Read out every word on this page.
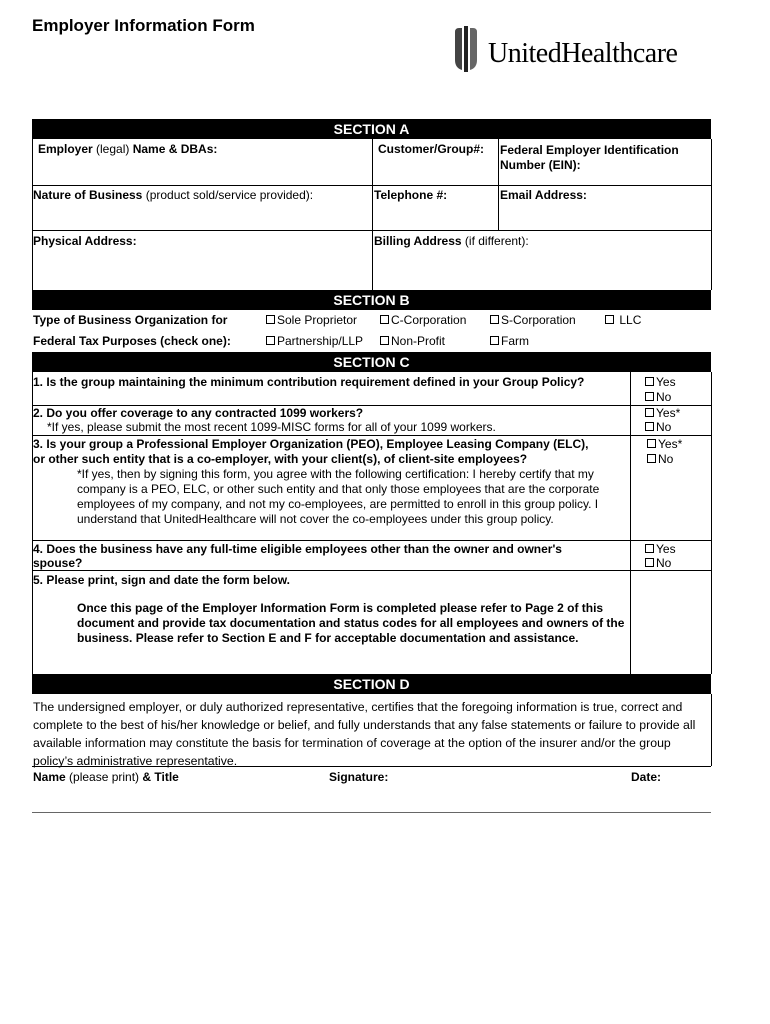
Employer Information Form
UnitedHealthcare
SECTION A
Employer (legal) Name & DBAs:	Customer/Group#: Federal Employer Identification
Number (EIN):
Nature of Business (product sold/service provided):	Telephone #:	Email Address:
Physical Address:	Billing Address (if different):
SECTION B
Type of Business Organization for
Federal Tax Purposes (check one):
Sole Proprietor	C-Corporation	S-Corporation	LLC
Partnership/LLP	Non-Profit	Farm
SECTION C
1. Is the group maintaining the minimum contribution requirement defined in your Group Policy?	Yes
No
2. Do you offer coverage to any contracted 1099 workers?
*If yes, please submit the most recent 1099-MISC forms for all of your 1099 workers.
Yes*
No
3. Is your group a Professional Employer Organization (PEO), Employee Leasing Company (ELC),
or other such entity that is a co-employer, with your client(s), of client-site employees?
*If yes, then by signing this form, you agree with the following certification: I hereby certify that my company is a PEO, ELC, or other such entity and that only those employees that are the corporate employees of my company, and not my co-employees, are permitted to enroll in this group policy. I understand that UnitedHealthcare will not cover the co-employees under this group policy.
Yes*
No
4. Does the business have any full-time eligible employees other than the owner and owner's
spouse?
Yes
No
5. Please print, sign and date the form below.
Once this page of the Employer Information Form is completed please refer to Page 2 of this document and provide tax documentation and status codes for all employees and owners of the business. Please refer to Section E and F for acceptable documentation and assistance.
SECTION D
The undersigned employer, or duly authorized representative, certifies that the foregoing information is true, correct and complete to the best of his/her knowledge or belief, and fully understands that any false statements or failure to provide all available information may constitute the basis for termination of coverage at the option of the insurer and/or the group policy’s administrative representative.
Name (please print) & Title	Signature:	Date:
